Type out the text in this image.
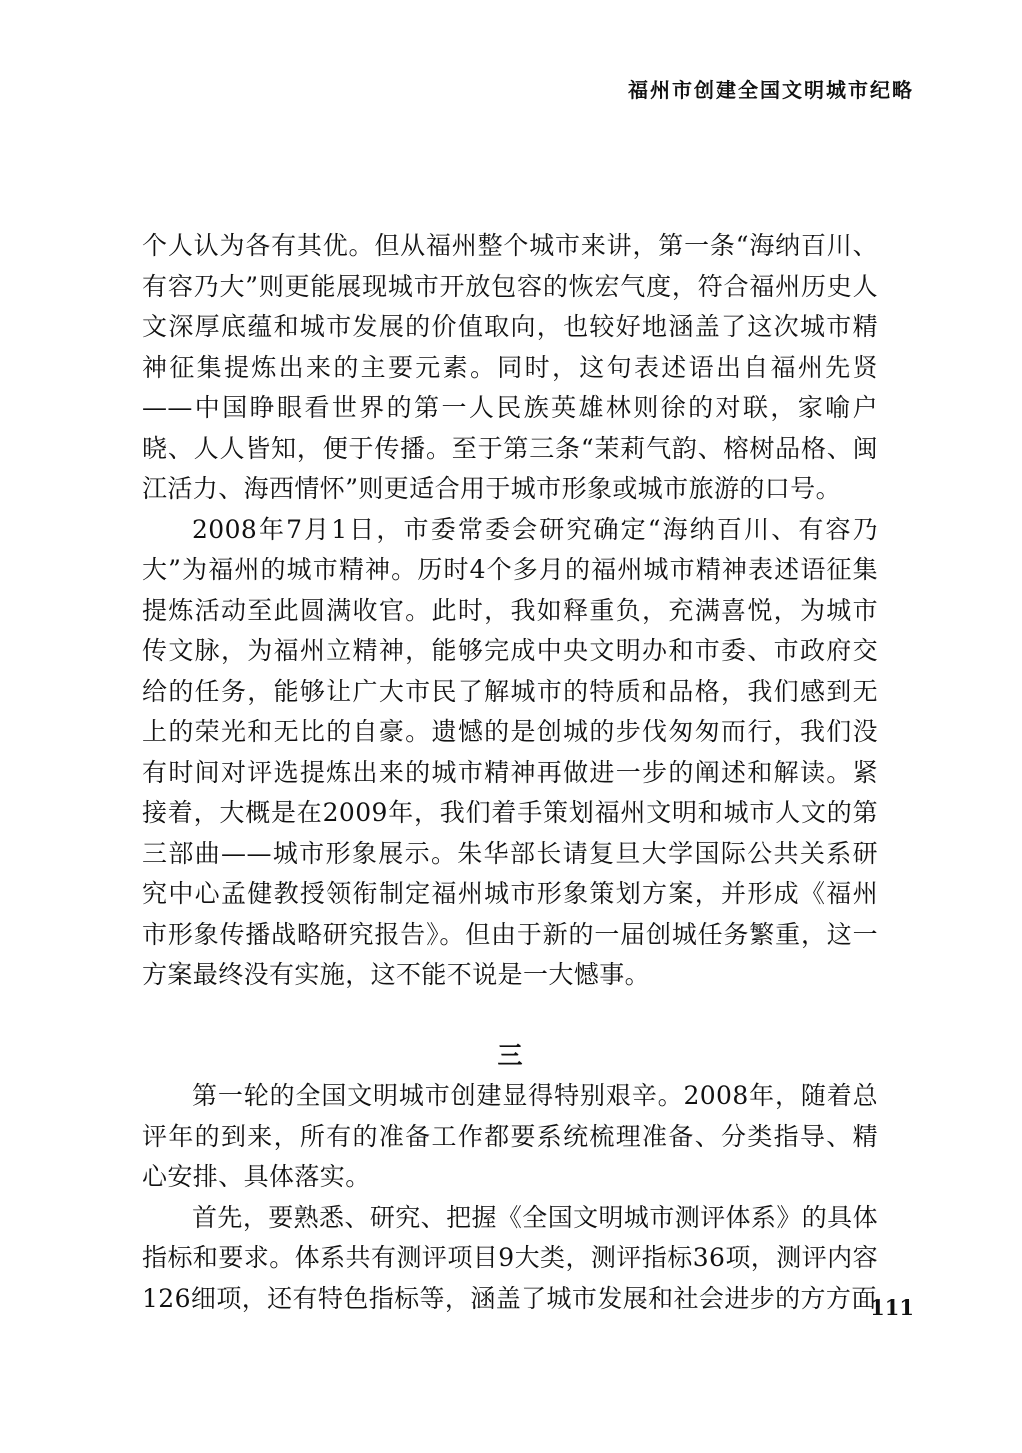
福州市创建全国文明城市纪略

个人认为各有其优。但从福州整个城市来讲，第一条“海纳百川、有容乃大”则更能展现城市开放包容的恢宏气度，符合福州历史人文深厚底蕴和城市发展的价值取向，也较好地涵盖了这次城市精神征集提炼出来的主要元素。同时，这句表述语出自福州先贤——中国睁眼看世界的第一人民族英雄林则徐的对联，家喻户晓、人人皆知，便于传播。至于第三条“茉莉气韵、榕树品格、闽江活力、海西情怀”则更适合用于城市形象或城市旅游的口号。

2008年7月1日，市委常委会研究确定“海纳百川、有容乃大”为福州的城市精神。历时4个多月的福州城市精神表述语征集提炼活动至此圆满收官。此时，我如释重负，充满喜悦，为城市传文脉，为福州立精神，能够完成中央文明办和市委、市政府交给的任务，能够让广大市民了解城市的特质和品格，我们感到无上的荣光和无比的自豪。遗憾的是创城的步伐匆匆而行，我们没有时间对评选提炼出来的城市精神再做进一步的阐述和解读。紧接着，大概是在2009年，我们着手策划福州文明和城市人文的第三部曲——城市形象展示。朱华部长请复旦大学国际公共关系研究中心孟健教授领衔制定福州城市形象策划方案，并形成《福州市形象传播战略研究报告》。但由于新的一届创城任务繁重，这一方案最终没有实施，这不能不说是一大憾事。

三

第一轮的全国文明城市创建显得特别艰辛。2008年，随着总评年的到来，所有的准备工作都要系统梳理准备、分类指导、精心安排、具体落实。

首先，要熟悉、研究、把握《全国文明城市测评体系》的具体指标和要求。体系共有测评项目9大类，测评指标36项，测评内容126细项，还有特色指标等，涵盖了城市发展和社会进步的方方面

111
